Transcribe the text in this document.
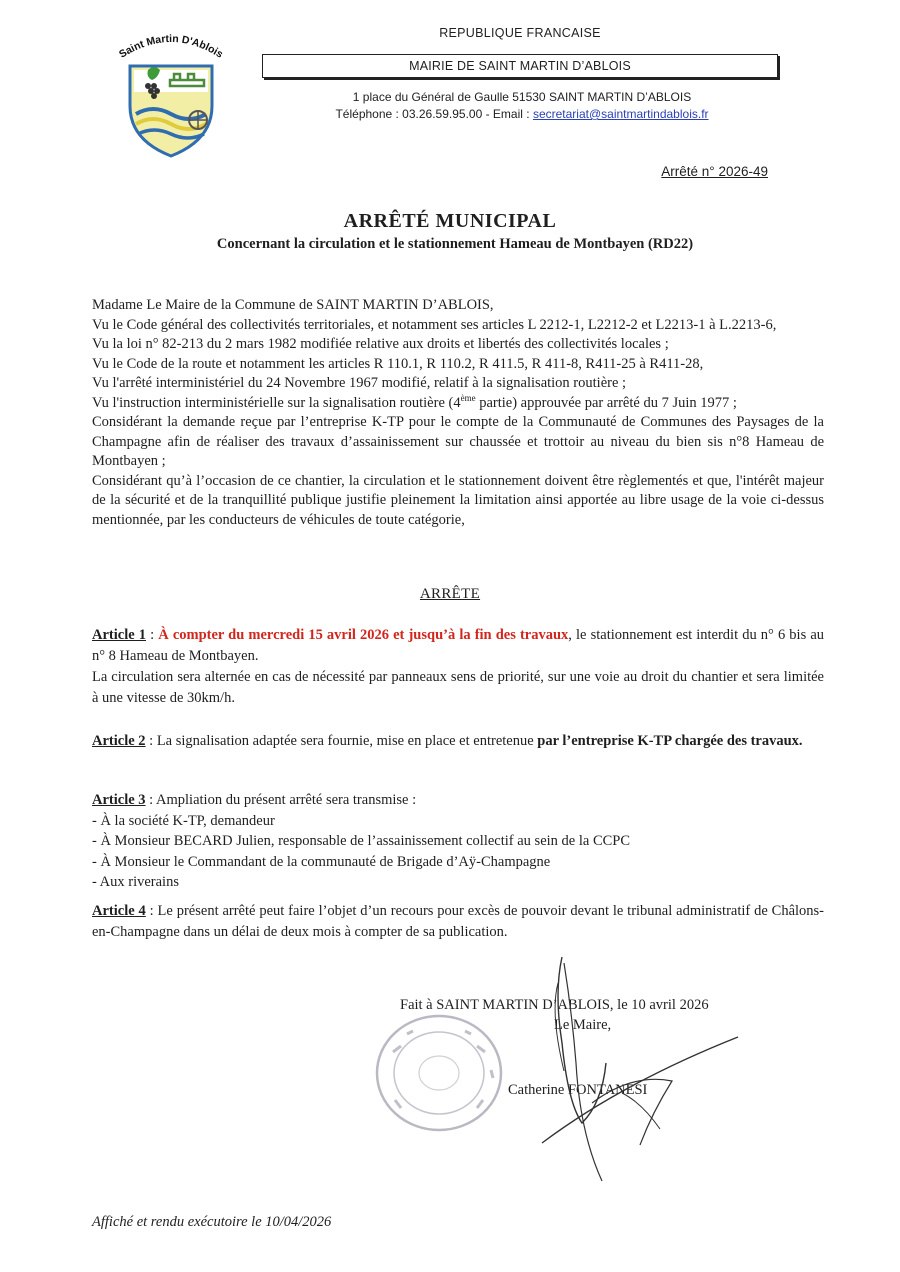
Saint Martin D'Ablois
REPUBLIQUE FRANCAISE
MAIRIE DE SAINT MARTIN D’ABLOIS
1 place du Général de Gaulle 51530 SAINT MARTIN D’ABLOIS
Téléphone : 03.26.59.95.00 - Email : secretariat@saintmartindablois.fr
Arrêté n° 2026-49
ARRÊTÉ MUNICIPAL
Concernant la circulation et le stationnement Hameau de Montbayen (RD22)

Madame Le Maire de la Commune de SAINT MARTIN D’ABLOIS,

Vu le Code général des collectivités territoriales, et notamment ses articles L 2212-1, L2212-2 et L2213-1 à L.2213-6,

Vu la loi n° 82-213 du 2 mars 1982 modifiée relative aux droits et libertés des collectivités locales ;

Vu le Code de la route et notamment les articles R 110.1, R 110.2, R 411.5, R 411-8, R411-25 à R411-28,

Vu l'arrêté interministériel du 24 Novembre 1967 modifié, relatif à la signalisation routière ;

Vu l'instruction interministérielle sur la signalisation routière (4ème partie) approuvée par arrêté du 7 Juin 1977 ;

Considérant la demande reçue par l’entreprise K-TP pour le compte de la Communauté de Communes des Paysages de la Champagne afin de réaliser des travaux d’assainissement sur chaussée et trottoir au niveau du bien sis n°8 Hameau de Montbayen ;

Considérant qu’à l’occasion de ce chantier, la circulation et le stationnement doivent être règlementés et que, l'intérêt majeur de la sécurité et de la tranquillité publique justifie pleinement la limitation ainsi apportée au libre usage de la voie ci-dessus mentionnée, par les conducteurs de véhicules de toute catégorie,

ARRÊTE
Article 1 : À compter du mercredi 15 avril 2026 et jusqu’à la fin des travaux, le stationnement est interdit du n° 6 bis au n° 8 Hameau de Montbayen.
La circulation sera alternée en cas de nécessité par panneaux sens de priorité, sur une voie au droit du chantier et sera limitée à une vitesse de 30km/h.
Article 2 : La signalisation adaptée sera fournie, mise en place et entretenue par l’entreprise K-TP chargée des travaux.
Article 3 : Ampliation du présent arrêté sera transmise :
- À la société K-TP, demandeur
- À Monsieur BECARD Julien, responsable de l’assainissement collectif au sein de la CCPC
- À Monsieur le Commandant de la communauté de Brigade d’Aÿ-Champagne
- Aux riverains
Article 4 : Le présent arrêté peut faire l’objet d’un recours pour excès de pouvoir devant le tribunal administratif de Châlons-en-Champagne dans un délai de deux mois à compter de sa publication.
Fait à SAINT MARTIN D’ABLOIS, le 10 avril 2026
Le Maire,
Catherine FONTANESI
Affiché et rendu exécutoire le 10/04/2026
